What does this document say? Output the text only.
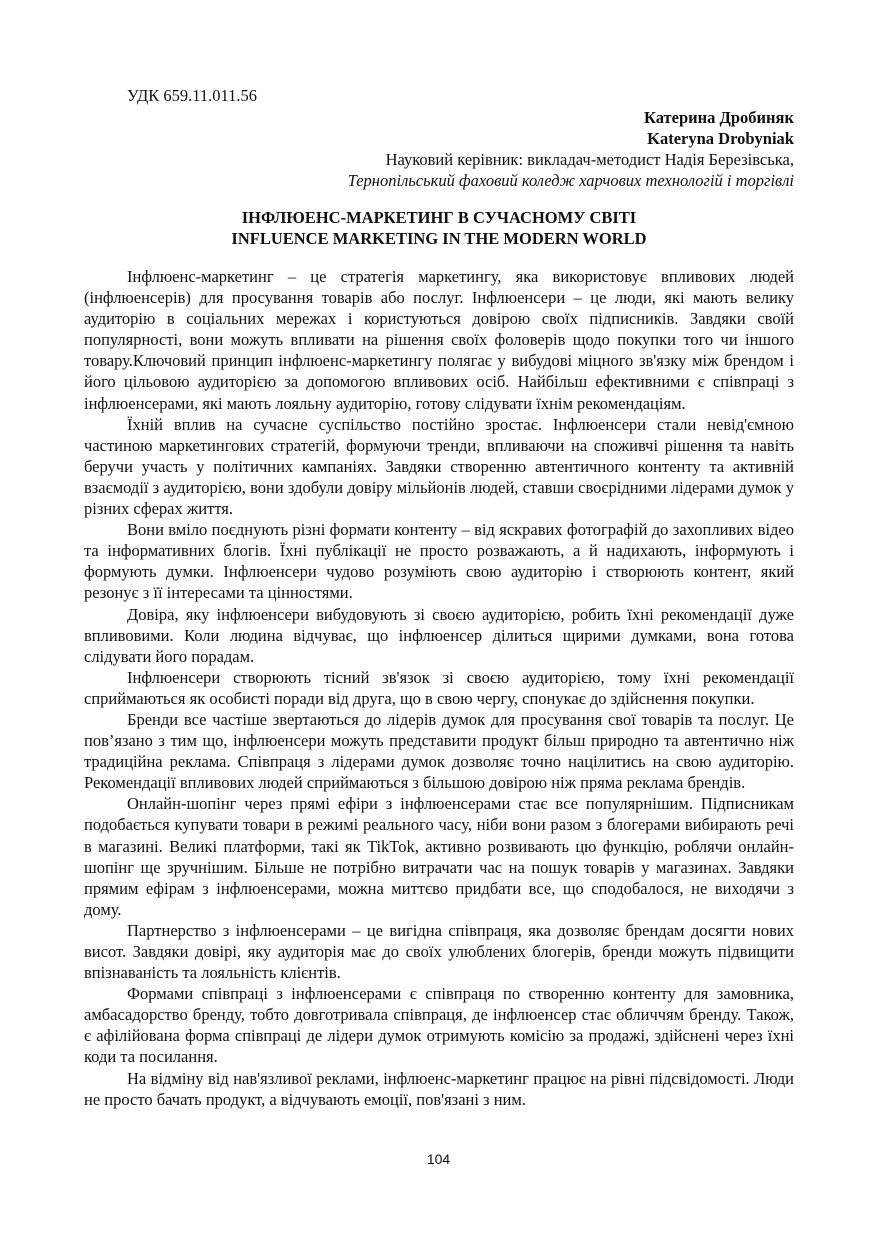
УДК 659.11.011.56
Катерина Дробиняк
Kateryna Drobyniak
Науковий керівник: викладач-методист Надія Березівська,
Тернопільський фаховий коледж харчових технологій і торгівлі
ІНФЛЮЕНС-МАРКЕТИНГ В СУЧАСНОМУ СВІТІ
INFLUENCE MARKETING IN THE MODERN WORLD

Інфлюенс-маркетинг – це стратегія маркетингу, яка використовує впливових людей (інфлюенсерів) для просування товарів або послуг. Інфлюенсери – це люди, які мають велику аудиторію в соціальних мережах і користуються довірою своїх підписників. Завдяки своїй популярності, вони можуть впливати на рішення своїх фоловерів щодо покупки того чи іншого товару.Ключовий принцип інфлюенс-маркетингу полягає у вибудові міцного зв'язку між брендом і його цільовою аудиторією за допомогою впливових осіб. Найбільш ефективними є співпраці з інфлюенсерами, які мають лояльну аудиторію, готову слідувати їхнім рекомендаціям.

Їхній вплив на сучасне суспільство постійно зростає. Інфлюенсери стали невід'ємною частиною маркетингових стратегій, формуючи тренди, впливаючи на споживчі рішення та навіть беручи участь у політичних кампаніях. Завдяки створенню автентичного контенту та активній взаємодії з аудиторією, вони здобули довіру мільйонів людей, ставши своєрідними лідерами думок у різних сферах життя.

Вони вміло поєднують різні формати контенту – від яскравих фотографій до захопливих відео та інформативних блогів. Їхні публікації не просто розважають, а й надихають, інформують і формують думки. Інфлюенсери чудово розуміють свою аудиторію і створюють контент, який резонує з її інтересами та цінностями.

Довіра, яку інфлюенсери вибудовують зі своєю аудиторією, робить їхні рекомендації дуже впливовими. Коли людина відчуває, що інфлюенсер ділиться щирими думками, вона готова слідувати його порадам.

Інфлюенсери створюють тісний зв'язок зі своєю аудиторією, тому їхні рекомендації сприймаються як особисті поради від друга, що в свою чергу, спонукає до здійснення покупки.

Бренди все частіше звертаються до лідерів думок для просування свої товарів та послуг. Це пов’язано з тим що, інфлюенсери можуть представити продукт більш природно та автентично ніж традиційна реклама. Співпраця з лідерами думок дозволяє точно націлитись на свою аудиторію. Рекомендації впливових людей сприймаються з більшою довірою ніж пряма реклама брендів.

Онлайн-шопінг через прямі ефіри з інфлюенсерами стає все популярнішим. Підписникам подобається купувати товари в режимі реального часу, ніби вони разом з блогерами вибирають речі в магазині. Великі платформи, такі як TikTok, активно розвивають цю функцію, роблячи онлайн-шопінг ще зручнішим. Більше не потрібно витрачати час на пошук товарів у магазинах. Завдяки прямим ефірам з інфлюенсерами, можна миттєво придбати все, що сподобалося, не виходячи з дому.

Партнерство з інфлюенсерами – це вигідна співпраця, яка дозволяє брендам досягти нових висот. Завдяки довірі, яку аудиторія має до своїх улюблених блогерів, бренди можуть підвищити впізнаваність та лояльність клієнтів.

Формами співпраці з інфлюенсерами є співпраця по створенню контенту для замовника, амбасадорство бренду, тобто довготривала співпраця, де інфлюенсер стає обличчям бренду. Також, є афілійована форма співпраці де лідери думок отримують комісію за продажі, здійснені через їхні коди та посилання.

На відміну від нав'язливої реклами, інфлюенс-маркетинг працює на рівні підсвідомості. Люди не просто бачать продукт, а відчувають емоції, пов'язані з ним.

104
